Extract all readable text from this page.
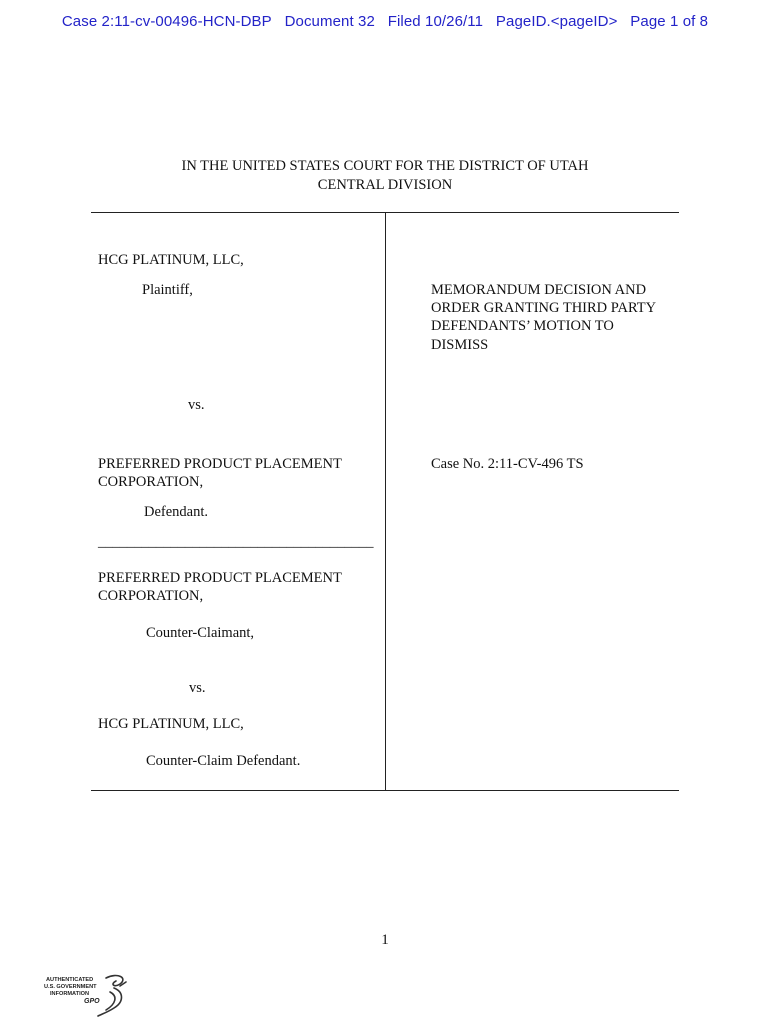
Case 2:11-cv-00496-HCN-DBP Document 32 Filed 10/26/11 PageID.<pageID> Page 1 of 8
IN THE UNITED STATES COURT FOR THE DISTRICT OF UTAH
CENTRAL DIVISION
HCG PLATINUM, LLC,
Plaintiff,
vs.
PREFERRED PRODUCT PLACEMENT
CORPORATION,
Defendant.
______________________________________
PREFERRED PRODUCT PLACEMENT
CORPORATION,
Counter-Claimant,
vs.
HCG PLATINUM, LLC,
Counter-Claim Defendant.
MEMORANDUM DECISION AND
ORDER GRANTING THIRD PARTY
DEFENDANTS’ MOTION TO
DISMISS
Case No. 2:11-CV-496 TS
1
AUTHENTICATED
U.S. GOVERNMENT
INFORMATION
GPO
